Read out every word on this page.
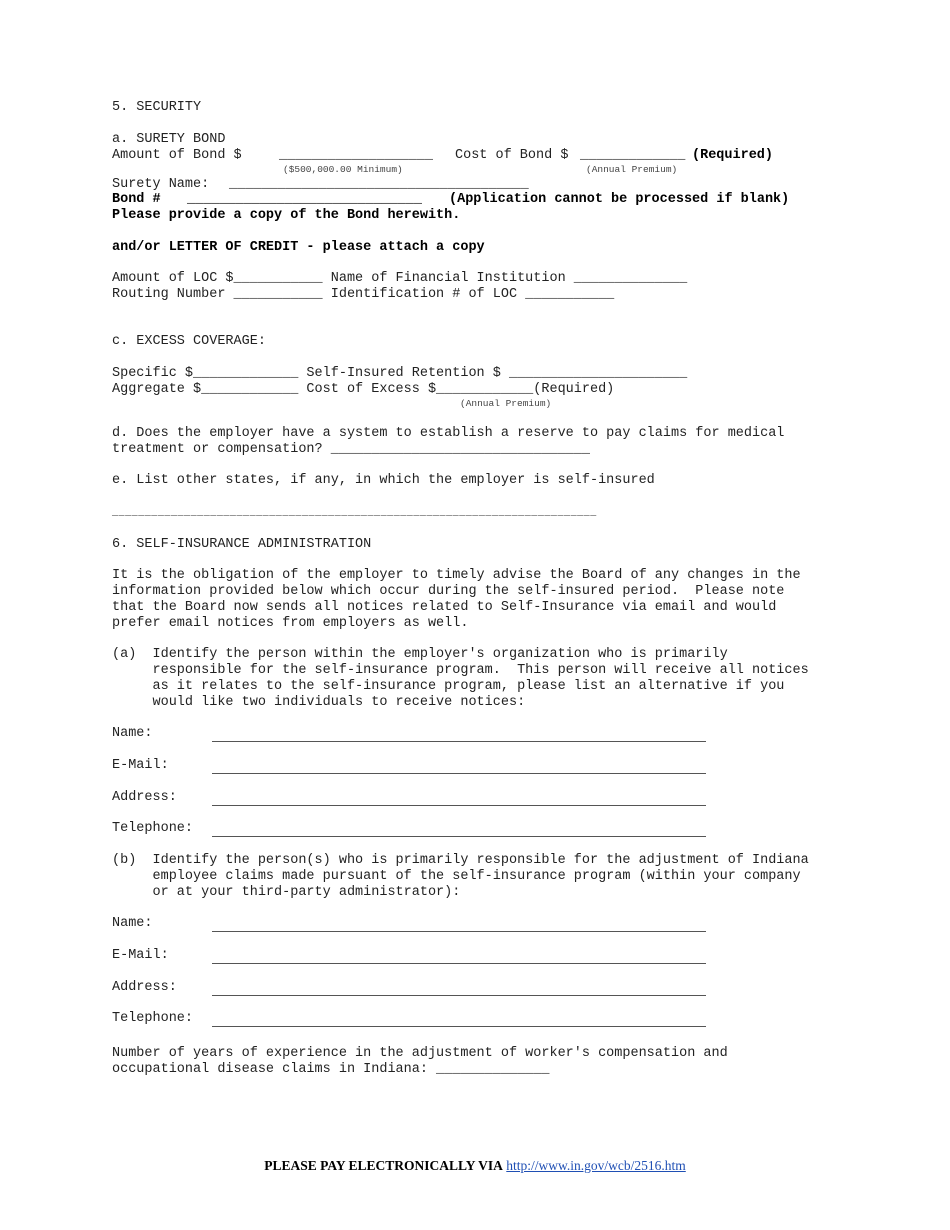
5. SECURITY
a. SURETY BOND
Amount of Bond $	___________________ Cost of Bond $ _____________ (Required)
($500,000.00 Minimum)	(Annual Premium)
Surety Name: _____________________________________
Bond # _____________________________ (Application cannot be processed if blank)
Please provide a copy of the Bond herewith.
and/or LETTER OF CREDIT - please attach a copy
Amount of LOC $___________ Name of Financial Institution ______________
Routing Number ___________ Identification # of LOC ___________
c. EXCESS COVERAGE:
Specific $_____________ Self-Insured Retention $ ______________________
Aggregate $____________ Cost of Excess $____________(Required)
(Annual Premium)
d. Does the employer have a system to establish a reserve to pay claims for medical
treatment or compensation? ________________________________
e. List other states, if any, in which the employer is self-insured
__________________________________________________________________________
6. SELF-INSURANCE ADMINISTRATION
It is the obligation of the employer to timely advise the Board of any changes in the
information provided below which occur during the self-insured period.  Please note
that the Board now sends all notices related to Self-Insurance via email and would
prefer email notices from employers as well.
(a)  Identify the person within the employer's organization who is primarily
responsible for the self-insurance program.  This person will receive all notices
as it relates to the self-insurance program, please list an alternative if you
would like two individuals to receive notices:
Name:
E-Mail:
Address:
Telephone:
(b)  Identify the person(s) who is primarily responsible for the adjustment of Indiana
employee claims made pursuant of the self-insurance program (within your company
or at your third-party administrator):
Name:
E-Mail:
Address:
Telephone:
Number of years of experience in the adjustment of worker's compensation and
occupational disease claims in Indiana: ______________
PLEASE PAY ELECTRONICALLY VIA http://www.in.gov/wcb/2516.htm
